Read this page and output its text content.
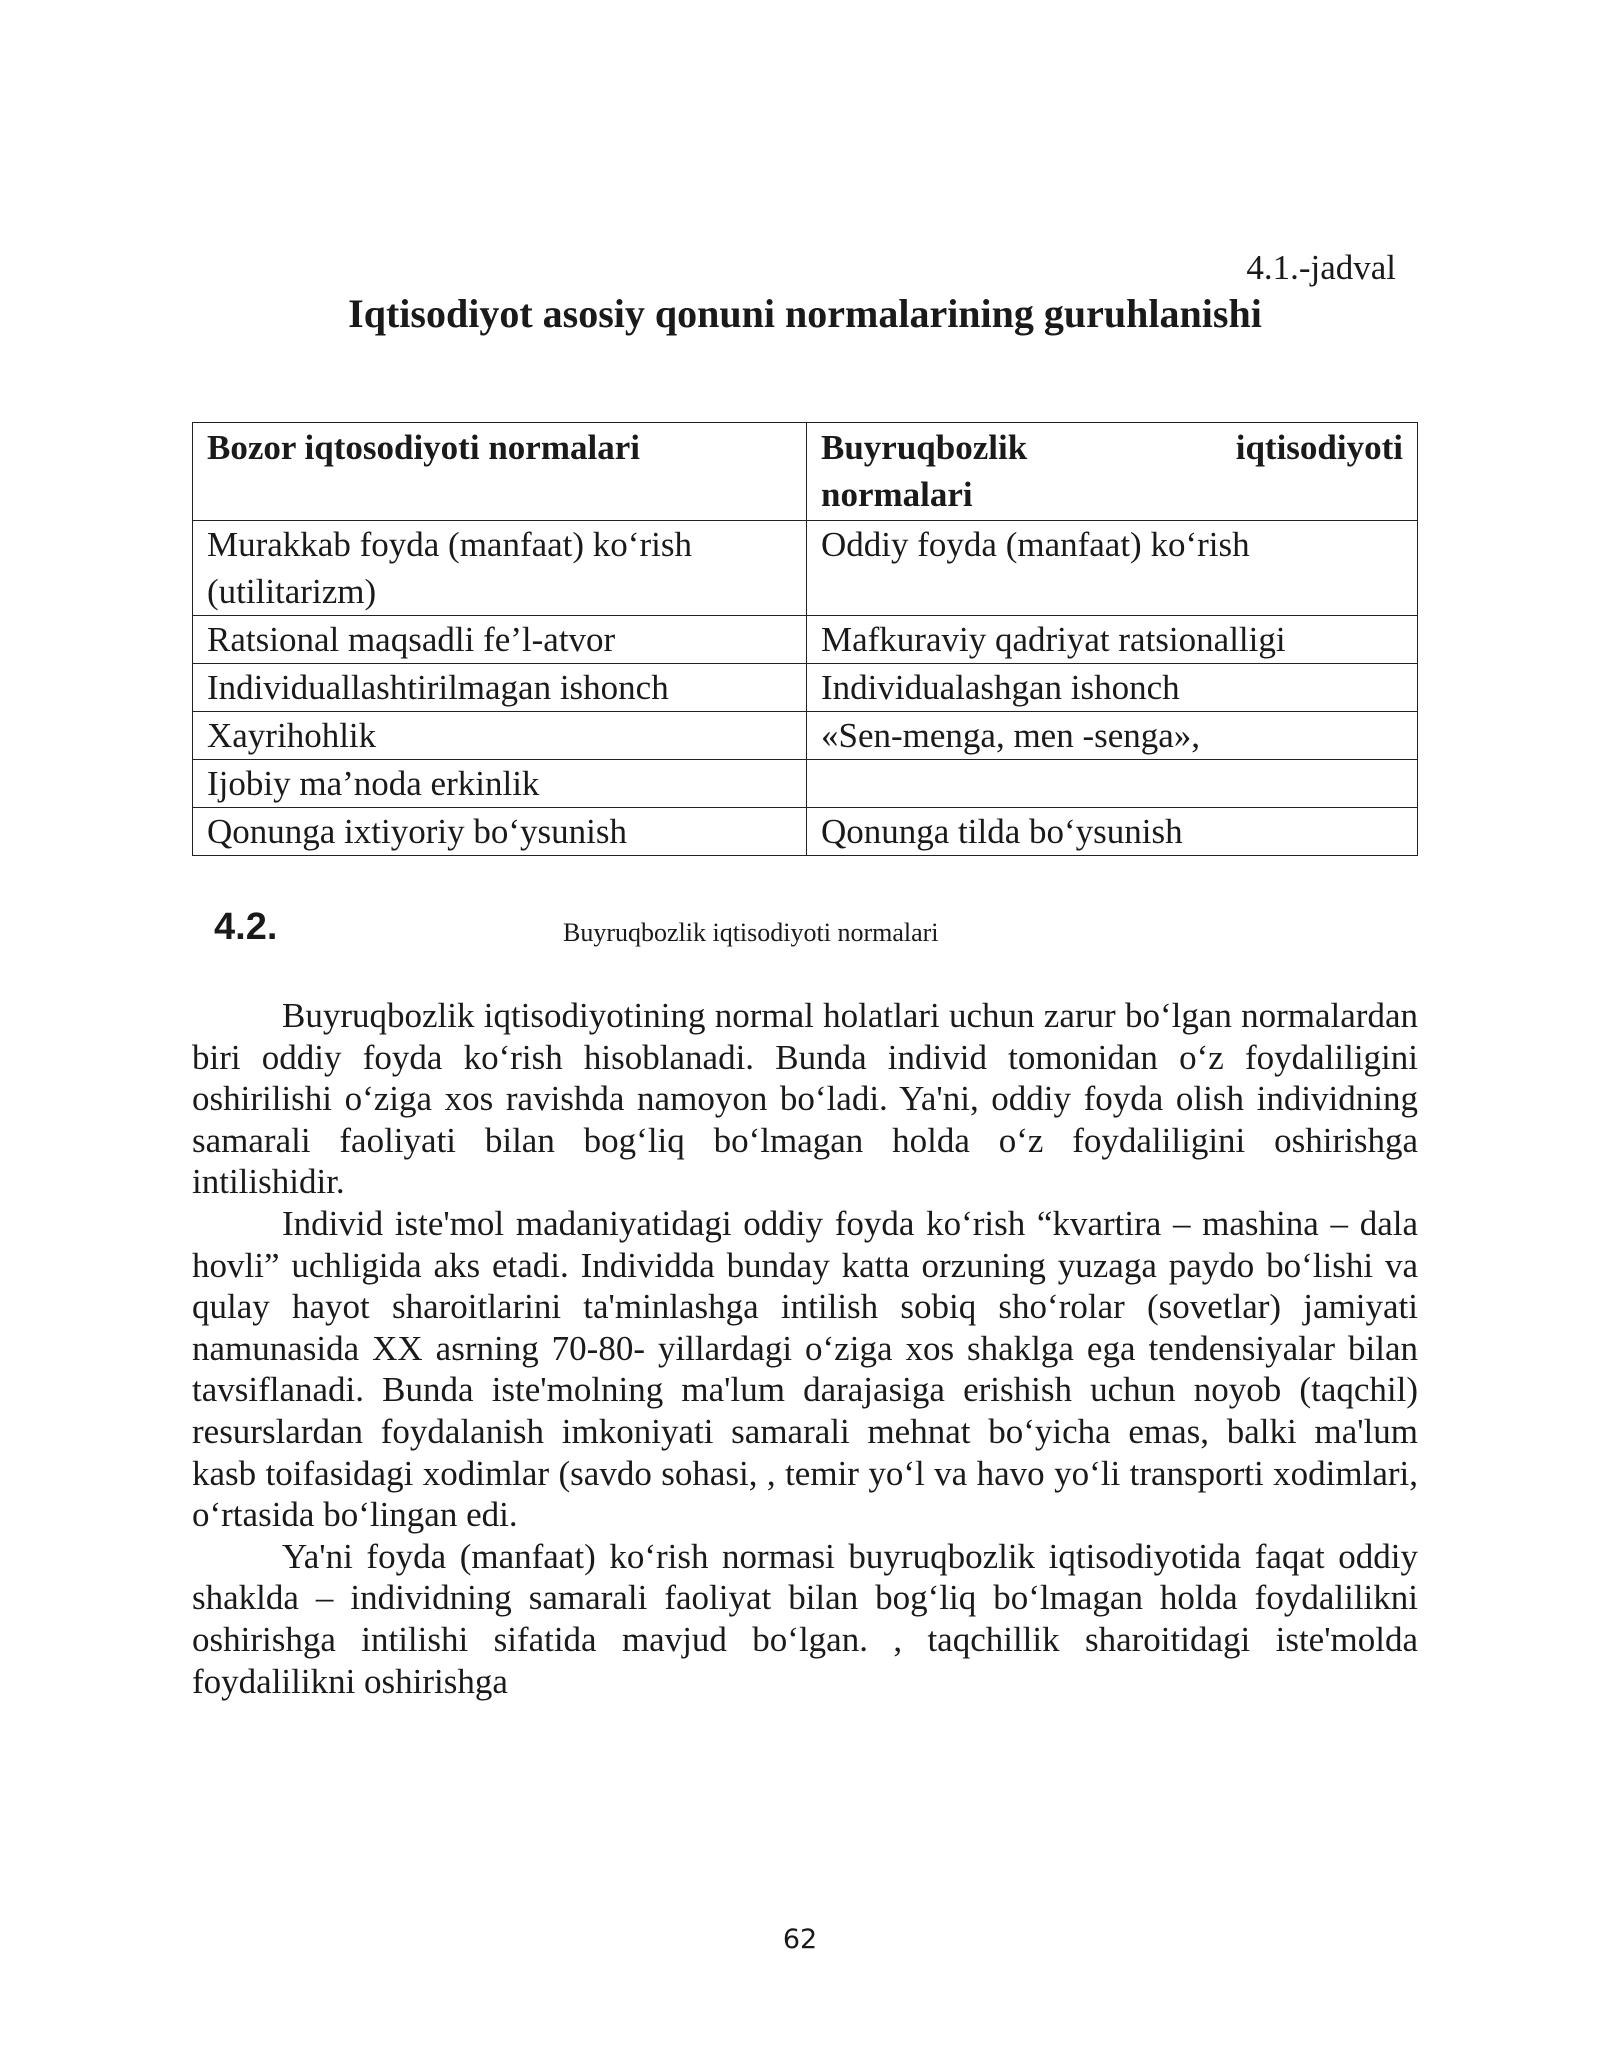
4.1.-jadval
Iqtisodiyot asosiy qonuni normalarining guruhlanishi
Bozor iqtosodiyoti normalari	Buyruqbozlik iqtisodiyoti
normalari

Murakkab foyda (manfaat) ko‘rish (utilitarizm)	Oddiy foyda (manfaat) ko‘rish
Ratsional maqsadli fe’l-atvor	Mafkuraviy qadriyat ratsionalligi
Individuallashtirilmagan ishonch	Individualashgan ishonch
Xayrihohlik	«Sen-menga, men -senga»,
Ijobiy ma’noda erkinlik	
Qonunga ixtiyoriy bo‘ysunish	Qonunga tilda bo‘ysunish
4.2.	Buyruqbozlik iqtisodiyoti normalari

Buyruqbozlik iqtisodiyotining normal holatlari uchun zarur bo‘lgan normalardan biri oddiy foyda ko‘rish hisoblanadi. Bunda individ tomonidan o‘z foydaliligini oshirilishi o‘ziga xos ravishda namoyon bo‘ladi. Ya'ni, oddiy foyda olish individning samarali faoliyati bilan bog‘liq bo‘lmagan holda o‘z foydaliligini oshirishga intilishidir.

Individ iste'mol madaniyatidagi oddiy foyda ko‘rish “kvartira – mashina – dala hovli” uchligida aks etadi. Individda bunday katta orzuning yuzaga paydo bo‘lishi va qulay hayot sharoitlarini ta'minlashga intilish sobiq sho‘rolar (sovetlar) jamiyati namunasida XX asrning 70-80- yillardagi o‘ziga xos shaklga ega tendensiyalar bilan tavsiflanadi. Bunda iste'molning ma'lum darajasiga erishish uchun noyob (taqchil) resurslardan foydalanish imkoniyati samarali mehnat bo‘yicha emas, balki ma'lum kasb toifasidagi xodimlar (savdo sohasi, , temir yo‘l va havo yo‘li transporti xodimlari, o‘rtasida bo‘lingan edi.

Ya'ni foyda (manfaat) ko‘rish normasi buyruqbozlik iqtisodiyotida faqat oddiy shaklda – individning samarali faoliyat bilan bog‘liq bo‘lmagan holda foydalilikni oshirishga intilishi sifatida mavjud bo‘lgan. , taqchillik sharoitidagi iste'molda foydalilikni oshirishga

62
